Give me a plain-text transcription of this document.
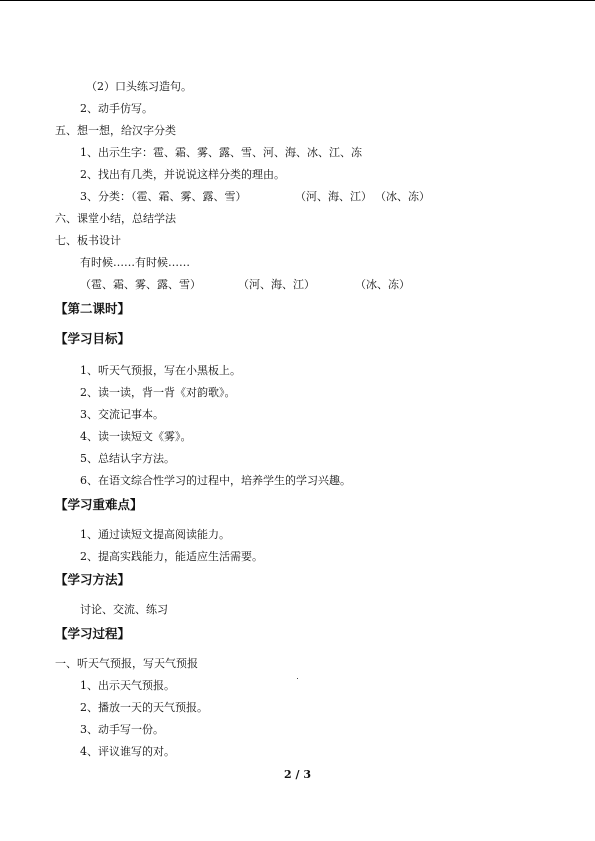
（2）口头练习造句。
2、动手仿写。
五、想一想，给汉字分类
1、出示生字：雹、霜、雾、露、雪、河、海、冰、江、冻
2、找出有几类，并说说这样分类的理由。
3、分类：（雹、霜、雾、露、雪）	（河、海、江） （冰、冻）
六、课堂小结，总结学法
七、板书设计
有时候……有时候……
（雹、霜、雾、露、雪）	（河、海、江）	（冰、冻）
【第二课时】
【学习目标】
1、听天气预报，写在小黑板上。
2、读一读，背一背《对韵歌》。
3、交流记事本。
4、读一读短文《雾》。
5、总结认字方法。
6、在语文综合性学习的过程中，培养学生的学习兴趣。
【学习重难点】
1、通过读短文提高阅读能力。
2、提高实践能力，能适应生活需要。
【学习方法】
讨论、交流、练习
【学习过程】
一、听天气预报，写天气预报
1、出示天气预报。
2、播放一天的天气预报。
3、动手写一份。
4、评议谁写的对。
2 / 3
